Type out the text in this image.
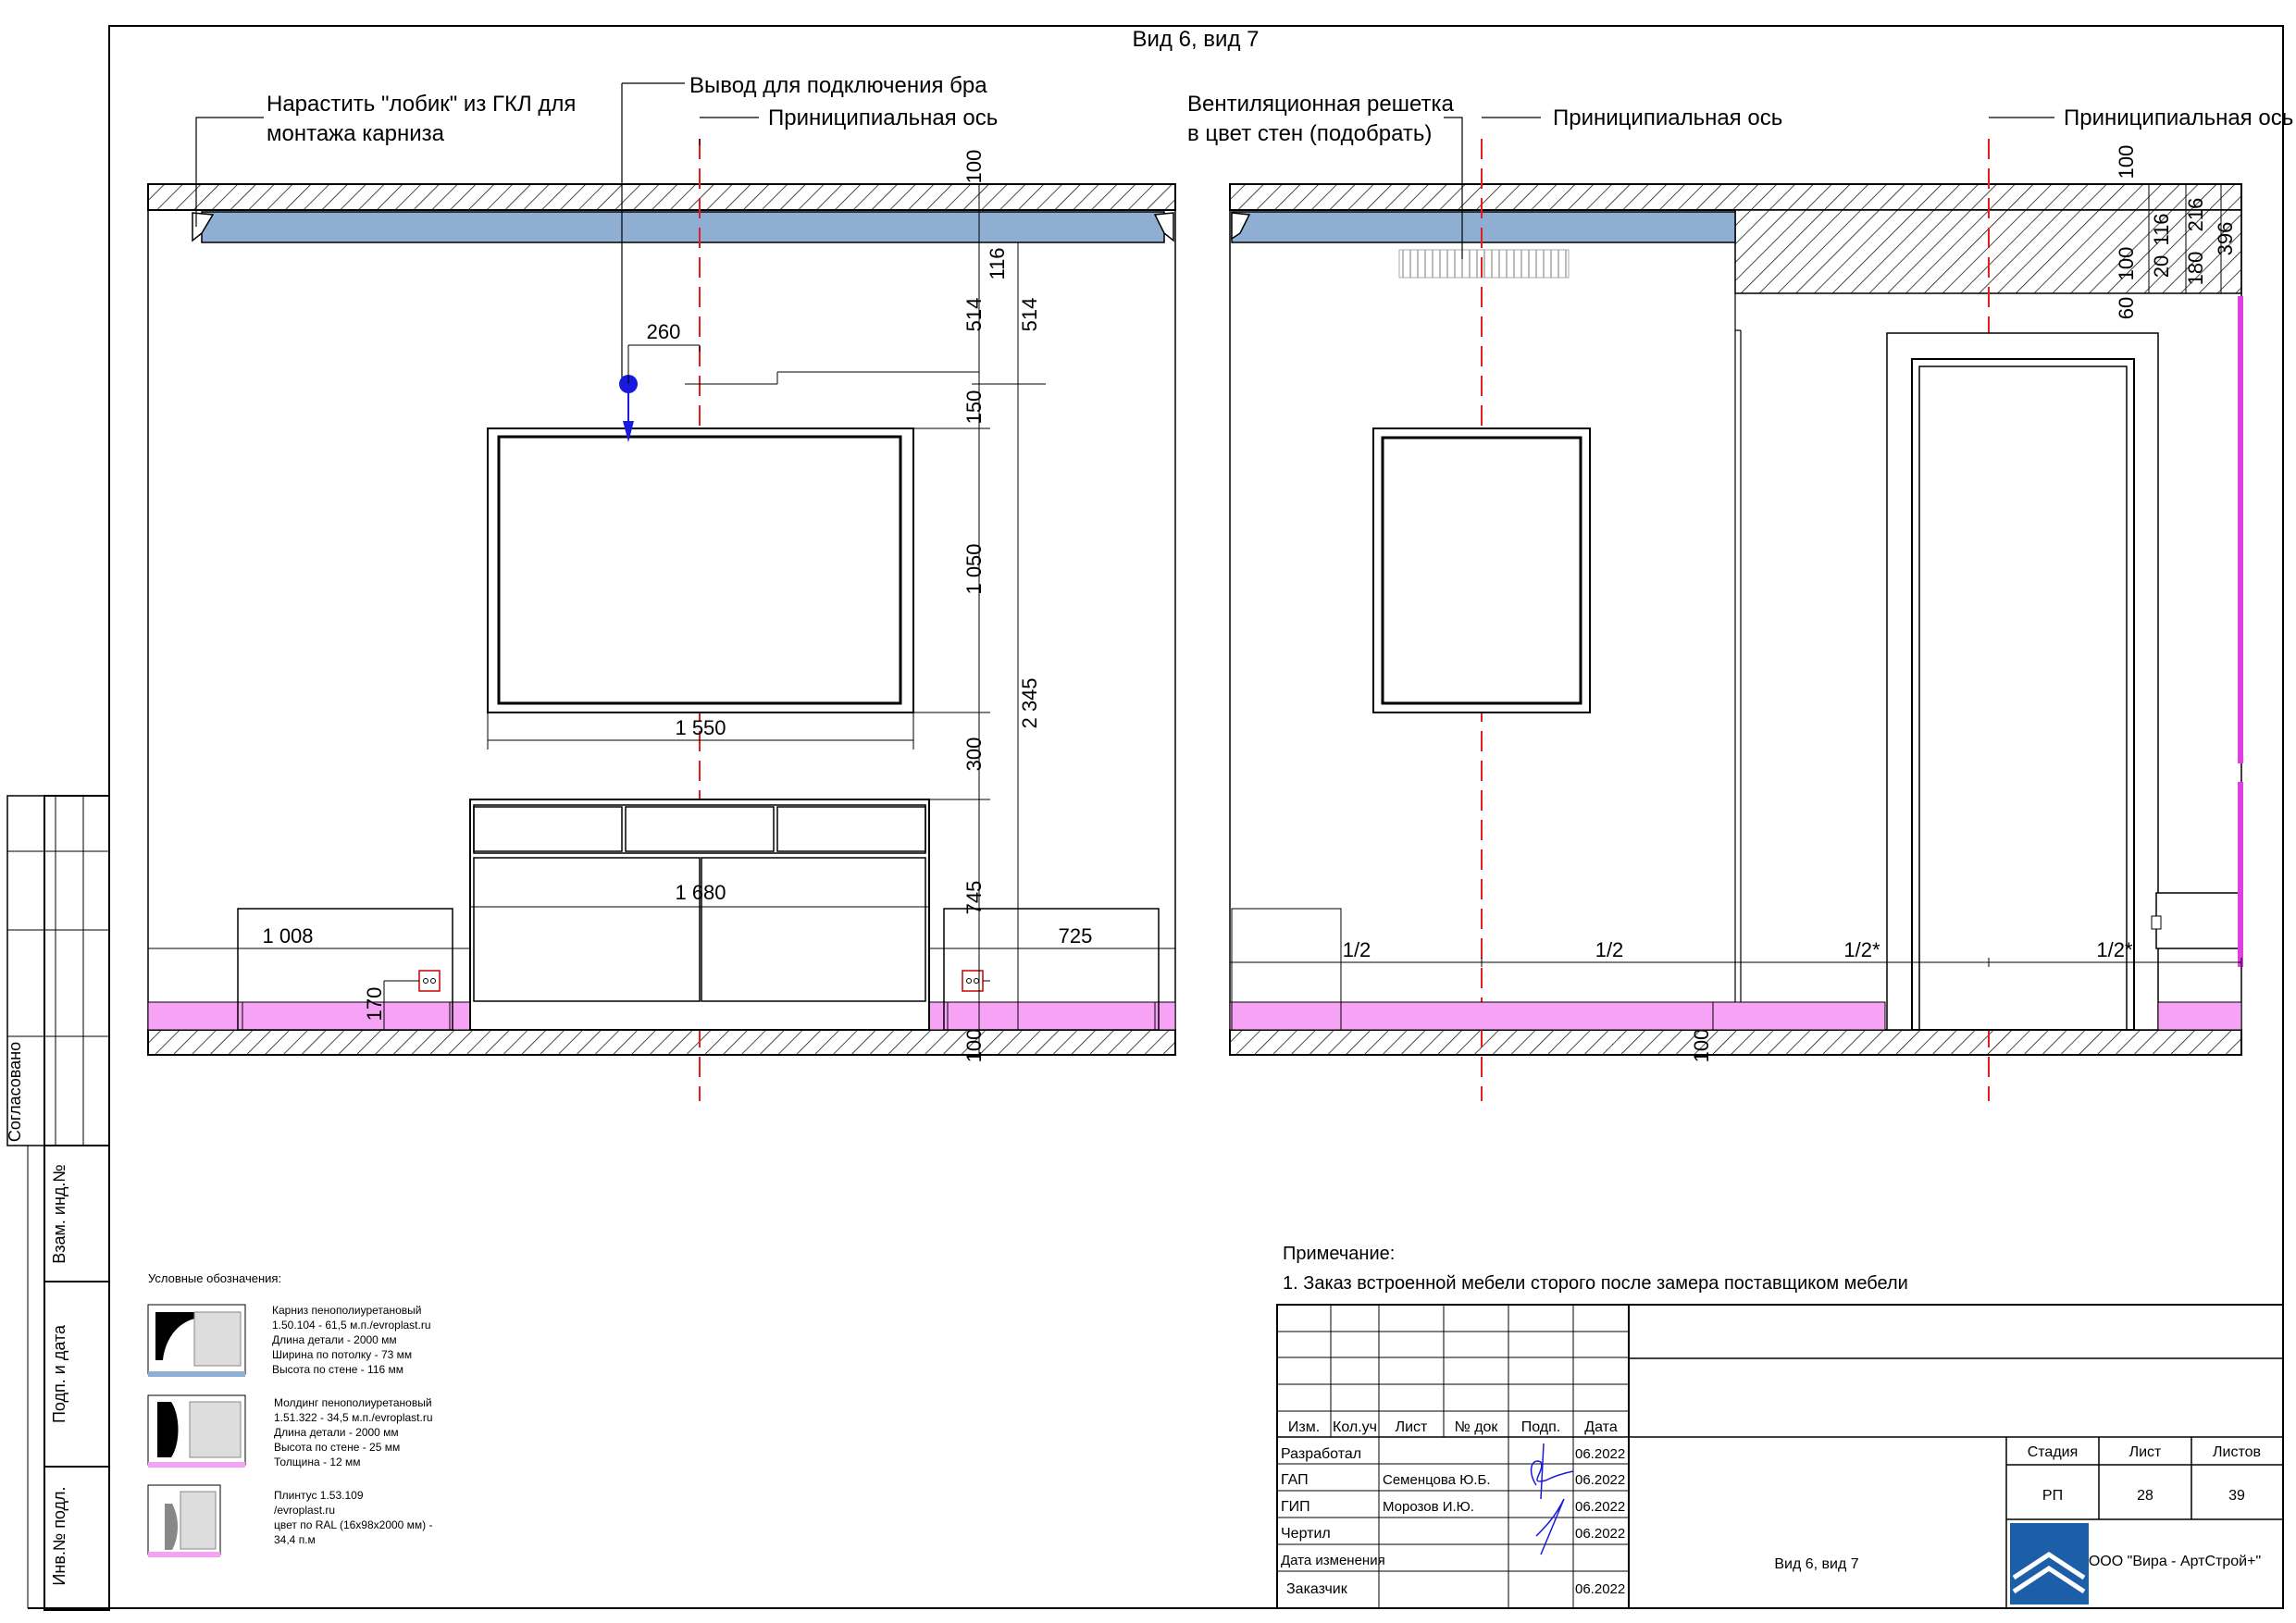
Вид 6, вид 7
Нарастить "лобик" из ГКЛ для монтажа карниза
Вывод для подключения бра
Приниципиальная ось
100
116
514 514
260
150
1 050
2 345
1 550
300
1 680	745
1 008	725
170
100
Вентиляционная решетка в цвет стен (подобрать)
Приниципиальная ось	Приниципиальная ось
1/2	1/2	1/2*	1/2*
100
100
116 216
396
100 20 180
60
Согласовано
Взам. инд.№
Подп. и дата
Инв.№ подл.
Условные обозначения:
Карниз пенополиуретановый 1.50.104 - 61,5 м.п./evroplast.ru Длина детали - 2000 мм Ширина по потолку - 73 мм Высота по стене - 116 мм
Молдинг пенополиуретановый 1.51.322 - 34,5 м.п./evroplast.ru Длина детали - 2000 мм Высота по стене - 25 мм Толщина - 12 мм
Плинтус 1.53.109 /evroplast.ru цвет по RAL (16х98х2000 мм) - 34,4 п.м
Примечание:
1. Заказ встроенной мебели сторого после замера поставщиком мебели
Изм. Кол.уч Лист № док Подп. Дата
Разработал	06.2022
ГАП	Семенцова Ю.Б.	06.2022
ГИП	Морозов И.Ю.	06.2022
Чертил	06.2022
Дата изменения
Заказчик	06.2022
Стадия	Лист	Листов
РП	28	39
Вид 6, вид 7	ООО "Вира - АртСтрой+"
